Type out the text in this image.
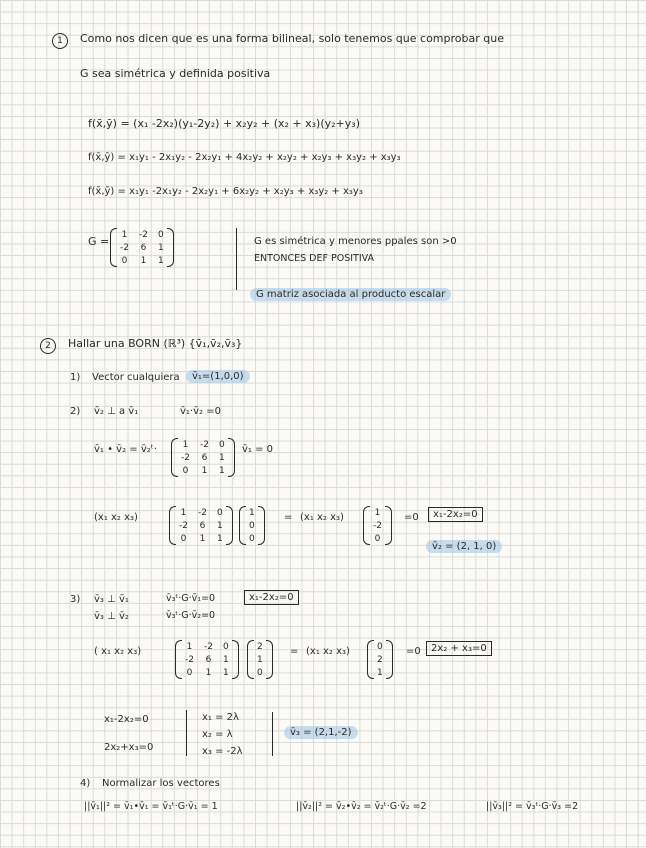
1	Como nos dicen que es una forma bilineal, solo tenemos que comprobar que
G sea simétrica y definida positiva
f(x̄,ȳ) = (x₁ -2x₂)(y₁-2y₂) + x₂y₂ + (x₂ + x₃)(y₂+y₃)
f(x̄,ȳ) = x₁y₁ - 2x₁y₂ - 2x₂y₁ + 4x₂y₂ + x₂y₂ + x₂y₃ + x₃y₂ + x₃y₃
f(x̄,ȳ) = x₁y₁ -2x₁y₂ - 2x₂y₁ + 6x₂y₂ + x₂y₃ + x₃y₂ + x₃y₃
G =
1	-2	0
-2	6	1
0	1	1
G es simétrica y menores ppales son >0
ENTONCES DEF POSITIVA
G matriz asociada al producto escalar
2	Hallar una BORN (ℝ³) {v̄₁,v̄₂,v̄₃}
1) Vector cualquiera	v̄₁=(1,0,0)
2) v̄₂ ⊥ a v̄₁	v̄₁·v̄₂ =0
v̄₁ • v̄₂ = v̄₂ᵗ·	1	-2	0
-2	6	1
0	1	1
v̄₁ = 0
(x₁ x₂ x₃)	1	-2	0
-2	6	1
0	1	1
1
0
0
= (x₁ x₂ x₃)	1
-2
0
=0	x₁-2x₂=0
v̄₂ = (2, 1, 0)
3) v̄₃ ⊥ v̄₁	v̄₃ᵗ·G·v̄₁=0	x₁-2x₂=0
v̄₃ ⊥ v̄₂	v̄₃ᵗ·G·v̄₂=0
( x₁ x₂ x₃)	1	-2	0
-2	6	1
0	1	1
2
1
0
= (x₁ x₂ x₃)	0
2
1
=0	2x₂ + x₃=0
x₁-2x₂=0
2x₂+x₃=0
x₁ = 2λ
x₂ = λ
x₃ = -2λ
v̄₃ = (2,1,-2)
4) Normalizar los vectores
||v̄₁||² = v̄₁•v̄₁ = v̄₁ᵗ·G·v̄₁ = 1	||v̄₂||² = v̄₂•v̄₂ = v̄₂ᵗ·G·v̄₂ =2	||v̄₃||² = v̄₃ᵗ·G·v̄₃ =2
